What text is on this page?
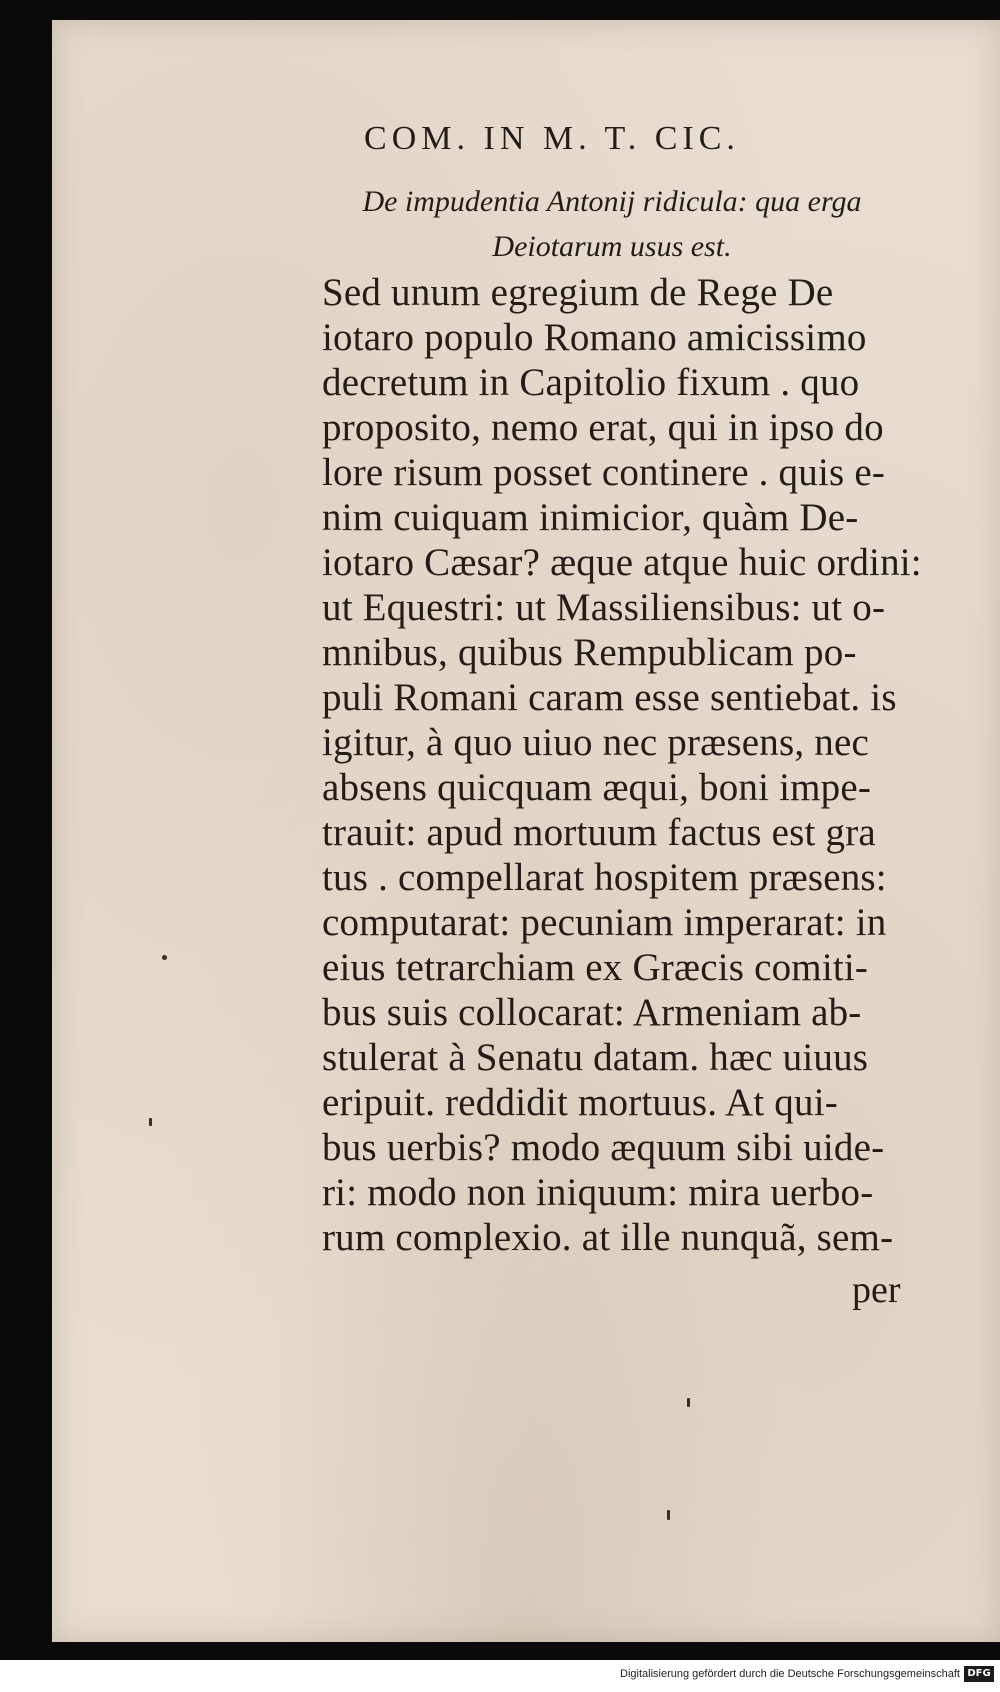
COM. IN M. T. CIC.
De impudentia Antonij ridicula: qua erga
Deiotarum usus est.
Sed unum egregium de Rege De
iotaro populo Romano amicissimo
decretum in Capitolio fixum . quo
proposito, nemo erat, qui in ipso do
lore risum posset continere . quis e-
nim cuiquam inimicior, quàm De-
iotaro Cæsar? æque atque huic ordini:
ut Equestri: ut Massiliensibus: ut o-
mnibus, quibus Rempublicam po-
puli Romani caram esse sentiebat. is
igitur, à quo uiuo nec præsens, nec
absens quicquam æqui, boni impe-
trauit: apud mortuum factus est gra
tus . compellarat hospitem præsens:
computarat: pecuniam imperarat: in
eius tetrarchiam ex Græcis comiti-
bus suis collocarat: Armeniam ab-
stulerat à Senatu datam. hæc uiuus
eripuit. reddidit mortuus. At qui-
bus uerbis? modo æquum sibi uide-
ri: modo non iniquum: mira uerbo-
rum complexio. at ille nunquã, sem-
per
Digitalisierung gefördert durch die Deutsche Forschungsgemeinschaft DFG
